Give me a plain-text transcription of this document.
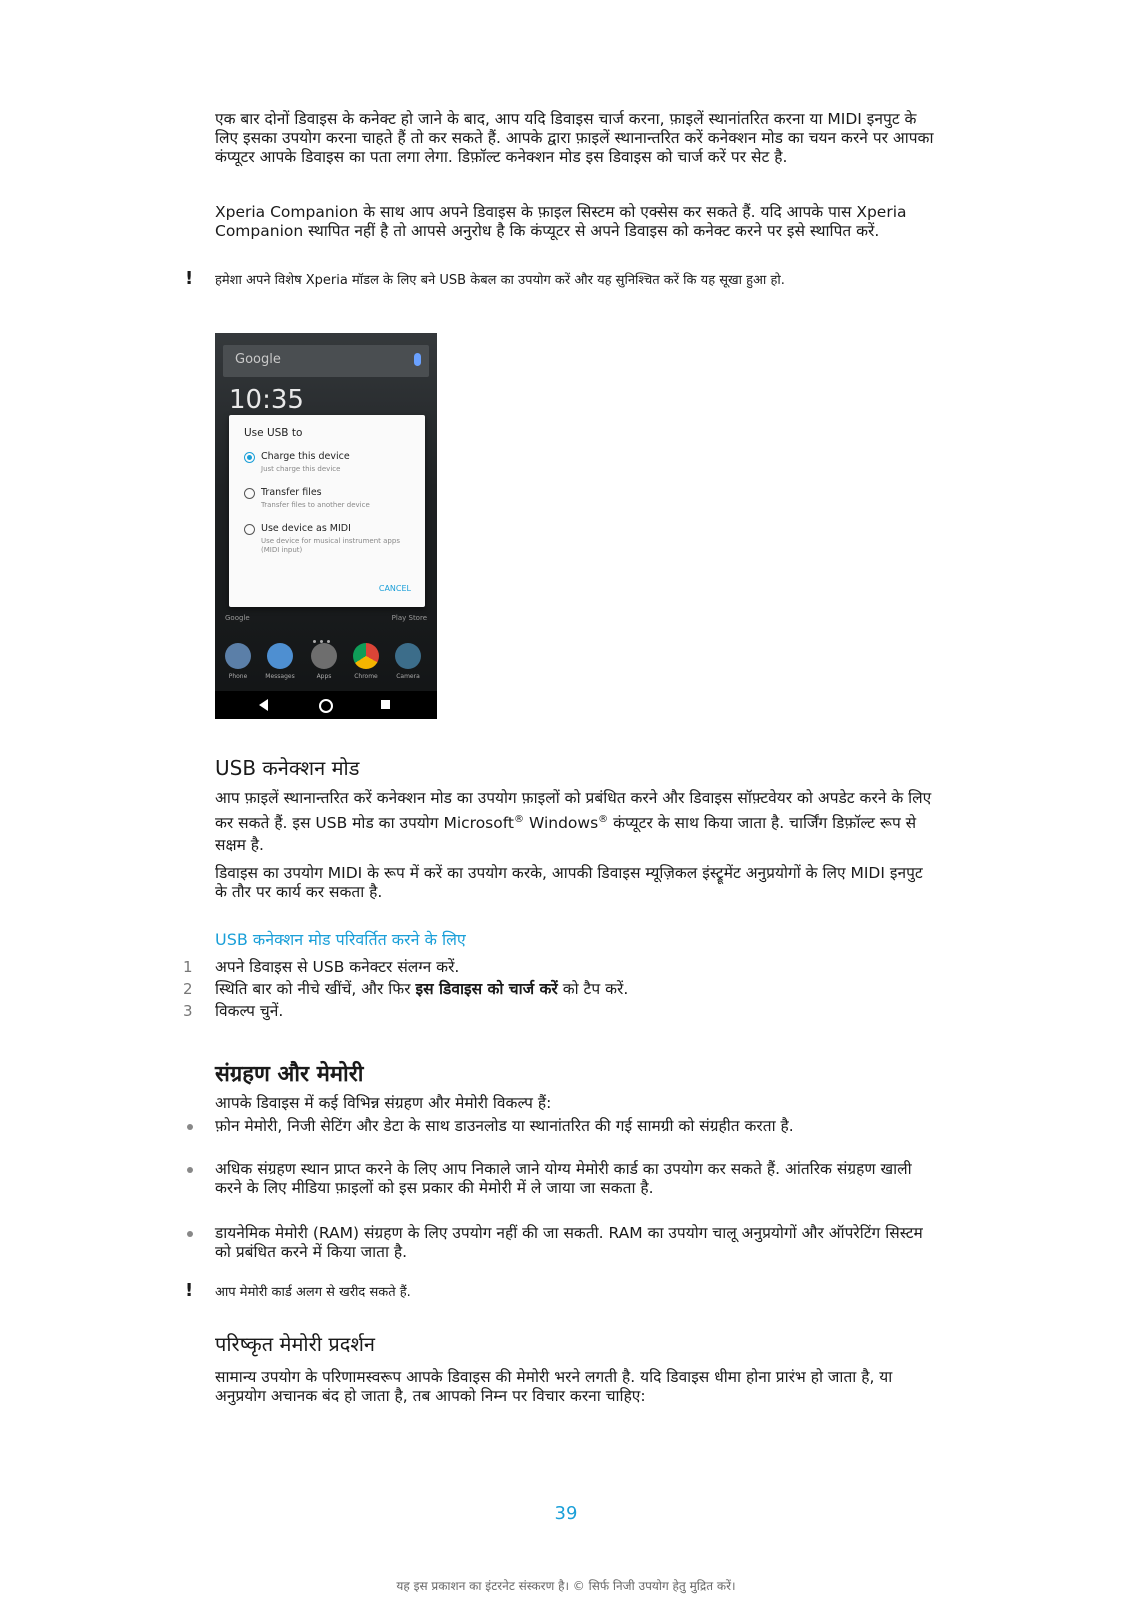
एक बार दोनों डिवाइस के कनेक्ट हो जाने के बाद, आप यदि डिवाइस चार्ज करना, फ़ाइलें स्थानांतरित करना या MIDI इनपुट के लिए इसका उपयोग करना चाहते हैं तो कर सकते हैं. आपके द्वारा फ़ाइलें स्थानान्तरित करें कनेक्शन मोड का चयन करने पर आपका कंप्यूटर आपके डिवाइस का पता लगा लेगा. डिफ़ॉल्ट कनेक्शन मोड इस डिवाइस को चार्ज करें पर सेट है.

Xperia Companion के साथ आप अपने डिवाइस के फ़ाइल सिस्टम को एक्सेस कर सकते हैं. यदि आपके पास Xperia Companion स्थापित नहीं है तो आपसे अनुरोध है कि कंप्यूटर से अपने डिवाइस को कनेक्ट करने पर इसे स्थापित करें.

! हमेशा अपने विशेष Xperia मॉडल के लिए बने USB केबल का उपयोग करें और यह सुनिश्चित करें कि यह सूखा हुआ हो.
Google
10:35
Use USB to
Charge this device
Just charge this device
Transfer files
Transfer files to another device
Use device as MIDI
Use device for musical instrument apps (MIDI input)
CANCEL
Google	Play Store
Phone	Messages	Apps	Chrome	Camera
USB कनेक्शन मोड

आप फ़ाइलें स्थानान्तरित करें कनेक्शन मोड का उपयोग फ़ाइलों को प्रबंधित करने और डिवाइस सॉफ़्टवेयर को अपडेट करने के लिए कर सकते हैं. इस USB मोड का उपयोग Microsoft® Windows® कंप्यूटर के साथ किया जाता है. चार्जिंग डिफ़ॉल्ट रूप से सक्षम है.

डिवाइस का उपयोग MIDI के रूप में करें का उपयोग करके, आपकी डिवाइस म्यूज़िकल इंस्ट्रूमेंट अनुप्रयोगों के लिए MIDI इनपुट के तौर पर कार्य कर सकता है.

USB कनेक्शन मोड परिवर्तित करने के लिए
1	अपने डिवाइस से USB कनेक्टर संलग्न करें.

2	स्थिति बार को नीचे खींचें, और फिर इस डिवाइस को चार्ज करें को टैप करें.

3	विकल्प चुनें.

संग्रहण और मेमोरी

आपके डिवाइस में कई विभिन्न संग्रहण और मेमोरी विकल्प हैं:

फ़ोन मेमोरी, निजी सेटिंग और डेटा के साथ डाउनलोड या स्थानांतरित की गई सामग्री को संग्रहीत करता है.

अधिक संग्रहण स्थान प्राप्त करने के लिए आप निकाले जाने योग्य मेमोरी कार्ड का उपयोग कर सकते हैं. आंतरिक संग्रहण खाली करने के लिए मीडिया फ़ाइलों को इस प्रकार की मेमोरी में ले जाया जा सकता है.

डायनेमिक मेमोरी (RAM) संग्रहण के लिए उपयोग नहीं की जा सकती. RAM का उपयोग चालू अनुप्रयोगों और ऑपरेटिंग सिस्टम को प्रबंधित करने में किया जाता है.

! आप मेमोरी कार्ड अलग से खरीद सकते हैं.
परिष्कृत मेमोरी प्रदर्शन

सामान्य उपयोग के परिणामस्वरूप आपके डिवाइस की मेमोरी भरने लगती है. यदि डिवाइस धीमा होना प्रारंभ हो जाता है, या अनुप्रयोग अचानक बंद हो जाता है, तब आपको निम्न पर विचार करना चाहिए:

39
यह इस प्रकाशन का इंटरनेट संस्करण है। © सिर्फ निजी उपयोग हेतु मुद्रित करें।
